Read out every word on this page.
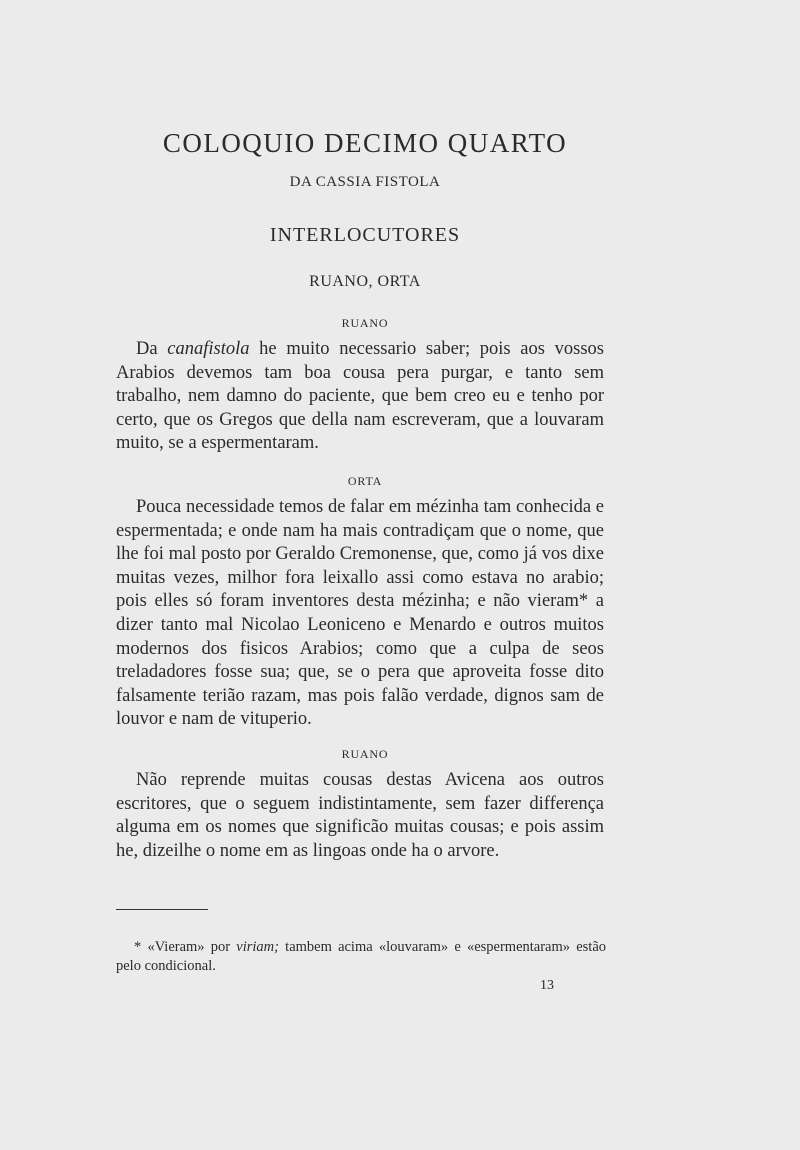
COLOQUIO DECIMO QUARTO
DA CASSIA FISTOLA
INTERLOCUTORES
RUANO, ORTA
RUANO

Da canafistola he muito necessario saber; pois aos vossos Arabios devemos tam boa cousa pera purgar, e tanto sem trabalho, nem damno do paciente, que bem creo eu e tenho por certo, que os Gregos que della nam escreveram, que a louvaram muito, se a espermentaram.

ORTA

Pouca necessidade temos de falar em mézinha tam conhecida e espermentada; e onde nam ha mais contradiçam que o nome, que lhe foi mal posto por Geraldo Cremonense, que, como já vos dixe muitas vezes, milhor fora leixallo assi como estava no arabio; pois elles só foram inventores desta mézinha; e não vieram* a dizer tanto mal Nicolao Leoniceno e Menardo e outros muitos modernos dos fisicos Arabios; como que a culpa de seos treladadores fosse sua; que, se o pera que aproveita fosse dito falsamente terião razam, mas pois falão verdade, dignos sam de louvor e nam de vituperio.

RUANO

Não reprende muitas cousas destas Avicena aos outros escritores, que o seguem indistintamente, sem fazer differença alguma em os nomes que significão muitas cousas; e pois assim he, dizeilhe o nome em as lingoas onde ha o arvore.

* «Vieram» por viriam; tambem acima «louvaram» e «espermentaram» estão pelo condicional.

13
